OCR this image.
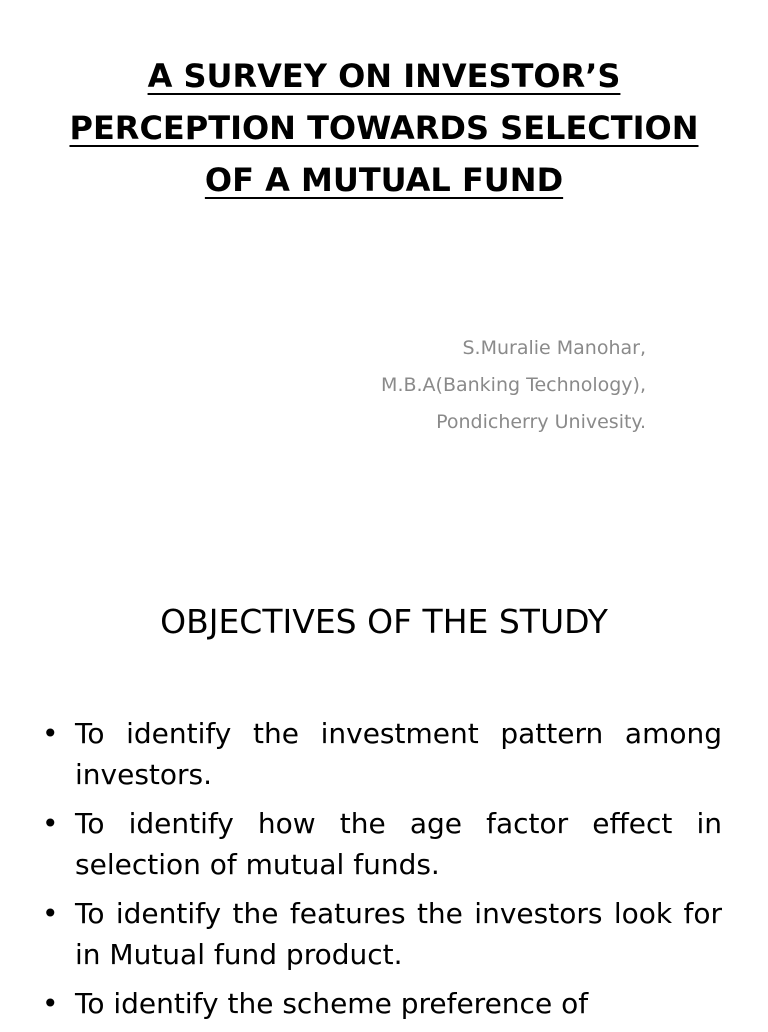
A SURVEY ON INVESTOR’S
PERCEPTION TOWARDS SELECTION
OF A MUTUAL FUND
S.Muralie Manohar,
M.B.A(Banking Technology),
Pondicherry Univesity.
OBJECTIVES OF THE STUDY
• To identify the investment pattern among investors.
• To identify how the age factor effect in selection of mutual funds.
• To identify the features the investors look for in Mutual fund product.
• To identify the scheme preference of
